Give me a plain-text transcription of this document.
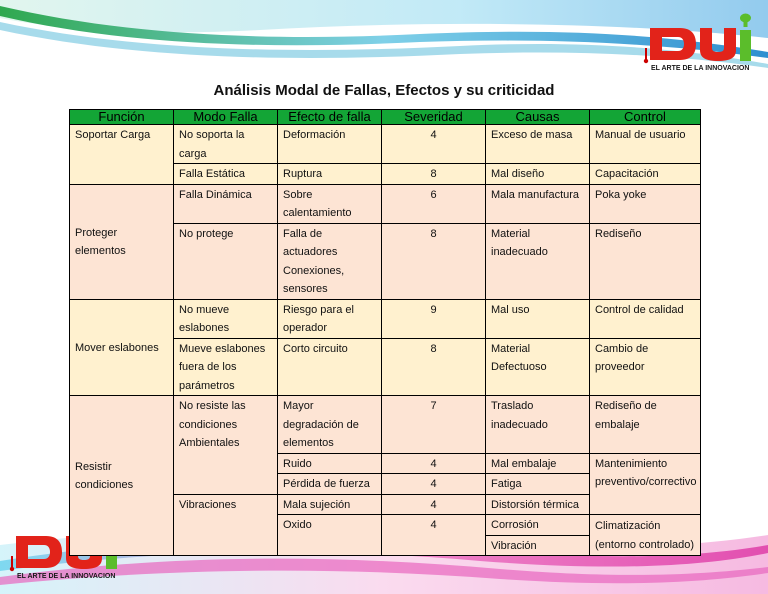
EL ARTE DE LA INNOVACION
EL ARTE DE LA INNOVACION
Análisis Modal de Fallas, Efectos y su criticidad
Función	Modo Falla	Efecto de falla	Severidad	Causas	Control
Soportar Carga	No soporta la carga	Deformación	4	Exceso de masa	Manual de usuario
	Falla Estática	Ruptura	8	Mal diseño	Capacitación
Proteger elementos	Falla Dinámica	Sobre calentamiento	6	Mala manufactura	Poka yoke
	No protege	Falla de actuadores Conexiones, sensores	8	Material inadecuado	Rediseño
Mover eslabones	No mueve eslabones	Riesgo para el operador	9	Mal uso	Control de calidad
	Mueve eslabones fuera de los parámetros	Corto circuito	8	Material Defectuoso	Cambio de proveedor
Resistir condiciones	No resiste las condiciones Ambientales	Mayor degradación de elementos	7	Traslado inadecuado	Rediseño de embalaje
		Ruido	4	Mal embalaje	Mantenimiento preventivo/correctivo
		Pérdida de fuerza	4	Fatiga	
	Vibraciones	Mala sujeción	4	Distorsión térmica	
		Oxido	4	Corrosión	Climatización (entorno controlado)
				Vibración	
